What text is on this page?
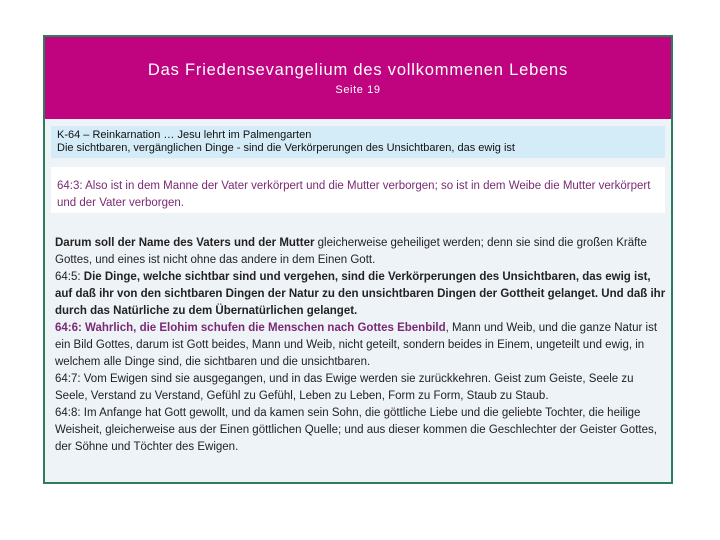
Das Friedensevangelium des vollkommenen Lebens
Seite 19
K-64 – Reinkarnation … Jesu lehrt im Palmengarten
Die sichtbaren, vergänglichen Dinge - sind die Verkörperungen des Unsichtbaren, das ewig ist
64:3: Also ist in dem Manne der Vater verkörpert und die Mutter verborgen; so ist in dem Weibe die Mutter verkörpert und der Vater verborgen.

Darum soll der Name des Vaters und der Mutter gleicherweise geheiliget werden; denn sie sind die großen Kräfte Gottes, und eines ist nicht ohne das andere in dem Einen Gott.
64:5: Die Dinge, welche sichtbar sind und vergehen, sind die Verkörperungen des Unsichtbaren, das ewig ist, auf daß ihr von den sichtbaren Dingen der Natur zu den unsichtbaren Dingen der Gottheit gelanget. Und daß ihr durch das Natürliche zu dem Übernatürlichen gelanget.
64:6: Wahrlich, die Elohim schufen die Menschen nach Gottes Ebenbild, Mann und Weib, und die ganze Natur ist ein Bild Gottes, darum ist Gott beides, Mann und Weib, nicht geteilt, sondern beides in Einem, ungeteilt und ewig, in welchem alle Dinge sind, die sichtbaren und die unsichtbaren.
64:7: Vom Ewigen sind sie ausgegangen, und in das Ewige werden sie zurückkehren. Geist zum Geiste, Seele zu Seele, Verstand zu Verstand, Gefühl zu Gefühl, Leben zu Leben, Form zu Form, Staub zu Staub.
64:8: Im Anfange hat Gott gewollt, und da kamen sein Sohn, die göttliche Liebe und die geliebte Tochter, die heilige Weisheit, gleicherweise aus der Einen göttlichen Quelle; und aus dieser kommen die Geschlechter der Geister Gottes, der Söhne und Töchter des Ewigen.
